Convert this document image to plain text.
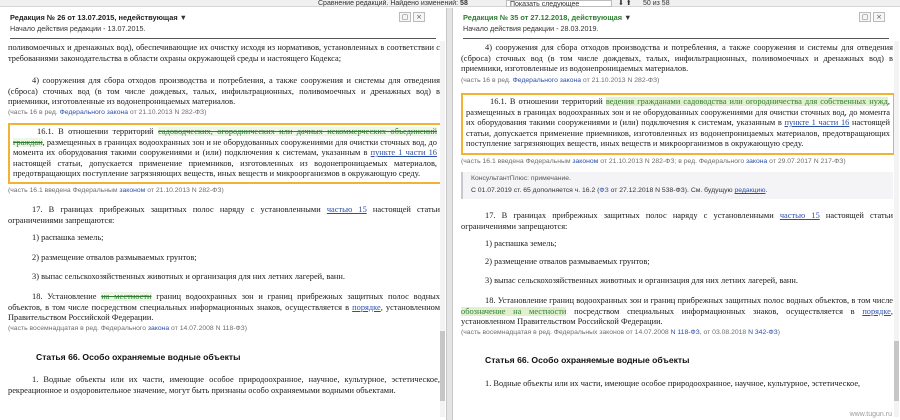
Сравнение редакций. Найдено изменений: 58	Показать следующее	⬇ ⬆ 50 из 58
Редакция № 26 от 13.07.2015, недействующая ▼
Начало действия редакции - 13.07.2015.
▢	×
поливомоечных и дренажных вод), обеспечивающие их очистку исходя из нормативов, установленных в соответствии с требованиями законодательства в области охраны окружающей среды и настоящего Кодекса;
4) сооружения для сбора отходов производства и потребления, а также сооружения и системы для отведения (сброса) сточных вод (в том числе дождевых, талых, инфильтрационных, поливомоечных и дренажных вод) в приемники, изготовленные из водонепроницаемых материалов.
(часть 16 в ред. Федерального закона от 21.10.2013 N 282-ФЗ)
16.1. В отношении территорий садоводческих, огороднических или дачных некоммерческих объединений граждан, размещенных в границах водоохранных зон и не оборудованных сооружениями для очистки сточных вод, до момента их оборудования такими сооружениями и (или) подключения к системам, указанным в пункте 1 части 16 настоящей статьи, допускается применение приемников, изготовленных из водонепроницаемых материалов, предотвращающих поступление загрязняющих веществ, иных веществ и микроорганизмов в окружающую среду.
(часть 16.1 введена Федеральным законом от 21.10.2013 N 282-ФЗ)
17. В границах прибрежных защитных полос наряду с установленными частью 15 настоящей статьи ограничениями запрещаются:
1) распашка земель;
2) размещение отвалов размываемых грунтов;
3) выпас сельскохозяйственных животных и организация для них летних лагерей, ванн.
18. Установление на местности границ водоохранных зон и границ прибрежных защитных полос водных объектов, в том числе посредством специальных информационных знаков, осуществляется в порядке, установленном Правительством Российской Федерации.
(часть восемнадцатая в ред. Федерального закона от 14.07.2008 N 118-ФЗ)
Статья 66. Особо охраняемые водные объекты
1. Водные объекты или их части, имеющие особое природоохранное, научное, культурное, эстетическое, рекреационное и оздоровительное значение, могут быть признаны особо охраняемыми водными объектами.
Редакция № 35 от 27.12.2018, действующая ▼
Начало действия редакции - 28.03.2019.
▢	×
4) сооружения для сбора отходов производства и потребления, а также сооружения и системы для отведения (сброса) сточных вод (в том числе дождевых, талых, инфильтрационных, поливомоечных и дренажных вод) в приемники, изготовленные из водонепроницаемых материалов.
(часть 16 в ред. Федерального закона от 21.10.2013 N 282-ФЗ)
16.1. В отношении территорий ведения гражданами садоводства или огородничества для собственных нужд, размещенных в границах водоохранных зон и не оборудованных сооружениями для очистки сточных вод, до момента их оборудования такими сооружениями и (или) подключения к системам, указанным в пункте 1 части 16 настоящей статьи, допускается применение приемников, изготовленных из водонепроницаемых материалов, предотвращающих поступление загрязняющих веществ, иных веществ и микроорганизмов в окружающую среду.
(часть 16.1 введена Федеральным законом от 21.10.2013 N 282-ФЗ; в ред. Федерального закона от 29.07.2017 N 217-ФЗ)
КонсультантПлюс: примечание.
С 01.07.2019 ст. 65 дополняется ч. 16.2 (ФЗ от 27.12.2018 N 538-ФЗ). См. будущую редакцию.
17. В границах прибрежных защитных полос наряду с установленными частью 15 настоящей статьи ограничениями запрещаются:
1) распашка земель;
2) размещение отвалов размываемых грунтов;
3) выпас сельскохозяйственных животных и организация для них летних лагерей, ванн.
18. Установление границ водоохранных зон и границ прибрежных защитных полос водных объектов, в том числе обозначение на местности посредством специальных информационных знаков, осуществляется в порядке, установленном Правительством Российской Федерации.
(часть восемнадцатая в ред. Федеральных законов от 14.07.2008 N 118-ФЗ, от 03.08.2018 N 342-ФЗ)
Статья 66. Особо охраняемые водные объекты
1. Водные объекты или их части, имеющие особое природоохранное, научное, культурное, эстетическое,
www.tugun.ru
